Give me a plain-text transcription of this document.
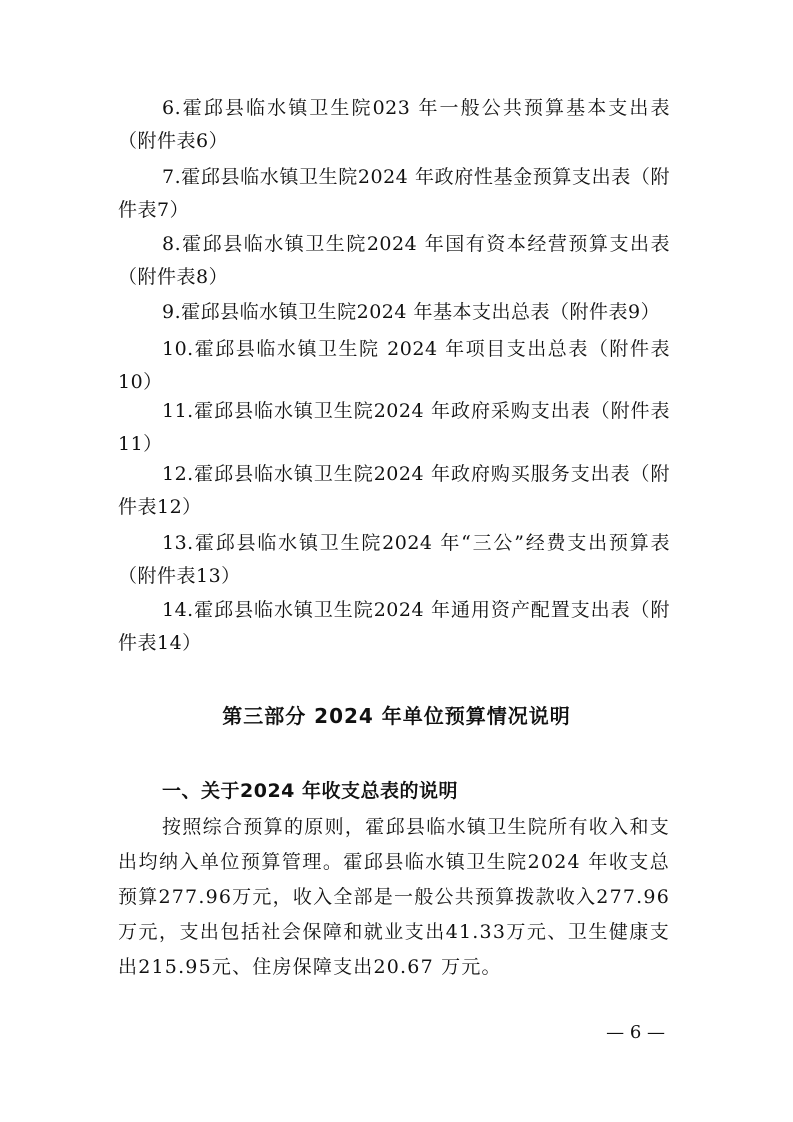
6.霍邱县临水镇卫生院023 年一般公共预算基本支出表（附件表6）

7.霍邱县临水镇卫生院2024 年政府性基金预算支出表（附件表7）

8.霍邱县临水镇卫生院2024 年国有资本经营预算支出表（附件表8）

9.霍邱县临水镇卫生院2024 年基本支出总表（附件表9）

10.霍邱县临水镇卫生院 2024 年项目支出总表（附件表10）

11.霍邱县临水镇卫生院2024 年政府采购支出表（附件表11）

12.霍邱县临水镇卫生院2024 年政府购买服务支出表（附件表12）

13.霍邱县临水镇卫生院2024 年“三公”经费支出预算表（附件表13）

14.霍邱县临水镇卫生院2024 年通用资产配置支出表（附件表14）

第三部分 2024 年单位预算情况说明
一、关于2024 年收支总表的说明

按照综合预算的原则，霍邱县临水镇卫生院所有收入和支出均纳入单位预算管理。霍邱县临水镇卫生院2024 年收支总预算277.96万元，收入全部是一般公共预算拨款收入277.96万元，支出包括社会保障和就业支出41.33万元、卫生健康支出215.95元、住房保障支出20.67 万元。

— 6 —
